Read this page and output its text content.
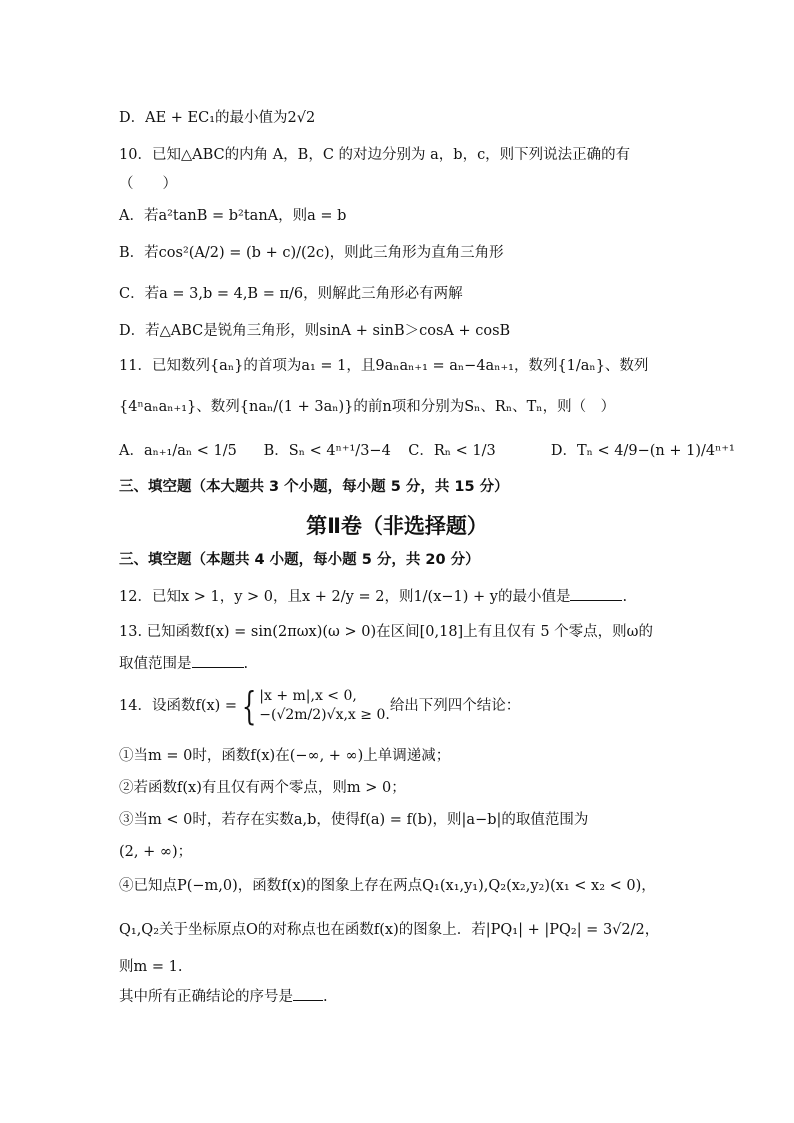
D．AE + EC₁的最小值为2√2
10．已知△ABC的内角 A，B，C 的对边分别为 a，b，c，则下列说法正确的有
（　　）
A．若a²tanB = b²tanA，则a = b
B．若cos²(A/2) = (b + c)/(2c)，则此三角形为直角三角形
C．若a = 3,b = 4,B = π/6，则解此三角形必有两解
D．若△ABC是锐角三角形，则sinA + sinB＞cosA + cosB
11．已知数列{aₙ}的首项为a₁ = 1，且9aₙaₙ₊₁ = aₙ−4aₙ₊₁，数列{1/aₙ}、数列
{4ⁿaₙaₙ₊₁}、数列{naₙ/(1 + 3aₙ)}的前n项和分别为Sₙ、Rₙ、Tₙ，则（　）
A．aₙ₊₁/aₙ < 1/5 B．Sₙ < 4ⁿ⁺¹/3−4 C．Rₙ < 1/3	D．Tₙ < 4/9−(n + 1)/4ⁿ⁺¹
三、填空题（本大题共 3 个小题，每小题 5 分，共 15 分）
第Ⅱ卷（非选择题）
三、填空题（本题共 4 小题，每小题 5 分，共 20 分）
12．已知x > 1，y > 0，且x + 2/y = 2，则1/(x−1) + y的最小值是	.
13. 已知函数f(x) = sin(2πωx)(ω > 0)在区间[0,18]上有且仅有 5 个零点，则ω的
取值范围是	.
14．设函数f(x) = { |x + m|,x < 0,
−(√2m/2)√x,x ≥ 0.
给出下列四个结论：
①当m = 0时，函数f(x)在(−∞, + ∞)上单调递减；
②若函数f(x)有且仅有两个零点，则m > 0；
③当m < 0时，若存在实数a,b，使得f(a) = f(b)，则|a−b|的取值范围为
(2, + ∞)；
④已知点P(−m,0)，函数f(x)的图象上存在两点Q₁(x₁,y₁),Q₂(x₂,y₂)(x₁ < x₂ < 0)，
Q₁,Q₂关于坐标原点O的对称点也在函数f(x)的图象上．若|PQ₁| + |PQ₂| = 3√2/2，
则m = 1.
其中所有正确结论的序号是 .
